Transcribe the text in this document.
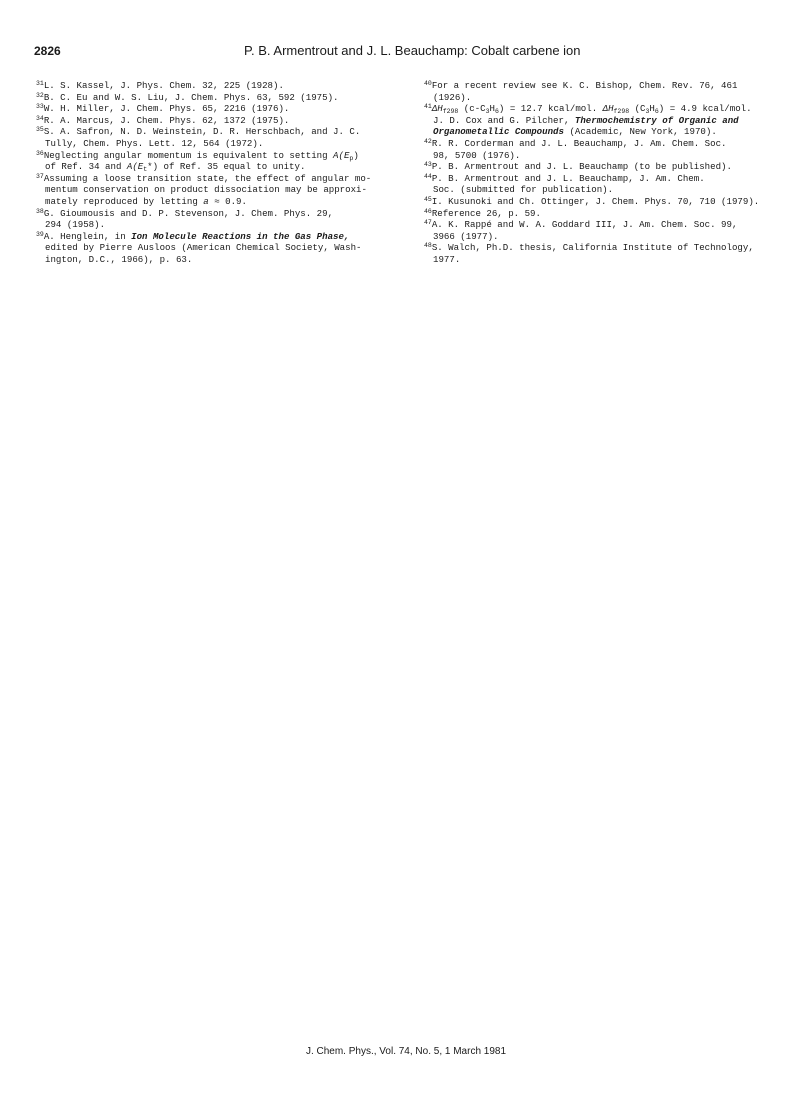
2826	P. B. Armentrout and J. L. Beauchamp: Cobalt carbene ion
$^{31}$L. S. Kassel, J. Phys. Chem. 32, 225 (1928).
$^{32}$B. C. Eu and W. S. Liu, J. Chem. Phys. 63, 592 (1975).
$^{33}$W. H. Miller, J. Chem. Phys. 65, 2216 (1976).
$^{34}$R. A. Marcus, J. Chem. Phys. 62, 1372 (1975).
$^{35}$S. A. Safron, N. D. Weinstein, D. R. Herschbach, and J. C.
Tully, Chem. Phys. Lett. 12, 564 (1972).
$^{36}$Neglecting angular momentum is equivalent to setting $A(E_p)$
of Ref. 34 and $A(E_t*)$ of Ref. 35 equal to unity.
$^{37}$Assuming a loose transition state, the effect of angular mo-
mentum conservation on product dissociation may be approxi-
mately reproduced by letting a ≈ 0.9.
$^{38}$G. Gioumousis and D. P. Stevenson, J. Chem. Phys. 29,
294 (1958).
$^{39}$A. Henglein, in Ion Molecule Reactions in the Gas Phase,
edited by Pierre Ausloos (American Chemical Society, Wash-
ington, D.C., 1966), p. 63.
$^{40}$For a recent review see K. C. Bishop, Chem. Rev. 76, 461
(1926).
$^{41}\Delta H_{f298}$ $(c-C_3H_6) = 12.7$ kcal/mol. $\Delta H_{f298}$ $(C_3H_6) = 4.9$ kcal/mol.
J. D. Cox and G. Pilcher, Thermochemistry of Organic and
Organometallic Compounds (Academic, New York, 1970).
$^{42}$R. R. Corderman and J. L. Beauchamp, J. Am. Chem. Soc.
98, 5700 (1976).
$^{43}$P. B. Armentrout and J. L. Beauchamp (to be published).
$^{44}$P. B. Armentrout and J. L. Beauchamp, J. Am. Chem.
Soc. (submitted for publication).
$^{45}$I. Kusunoki and Ch. Ottinger, J. Chem. Phys. 70, 710 (1979).
$^{46}$Reference 26, p. 59.
$^{47}$A. K. Rappé and W. A. Goddard III, J. Am. Chem. Soc. 99,
3966 (1977).
$^{48}$S. Walch, Ph.D. thesis, California Institute of Technology,
1977.
J. Chem. Phys., Vol. 74, No. 5, 1 March 1981
